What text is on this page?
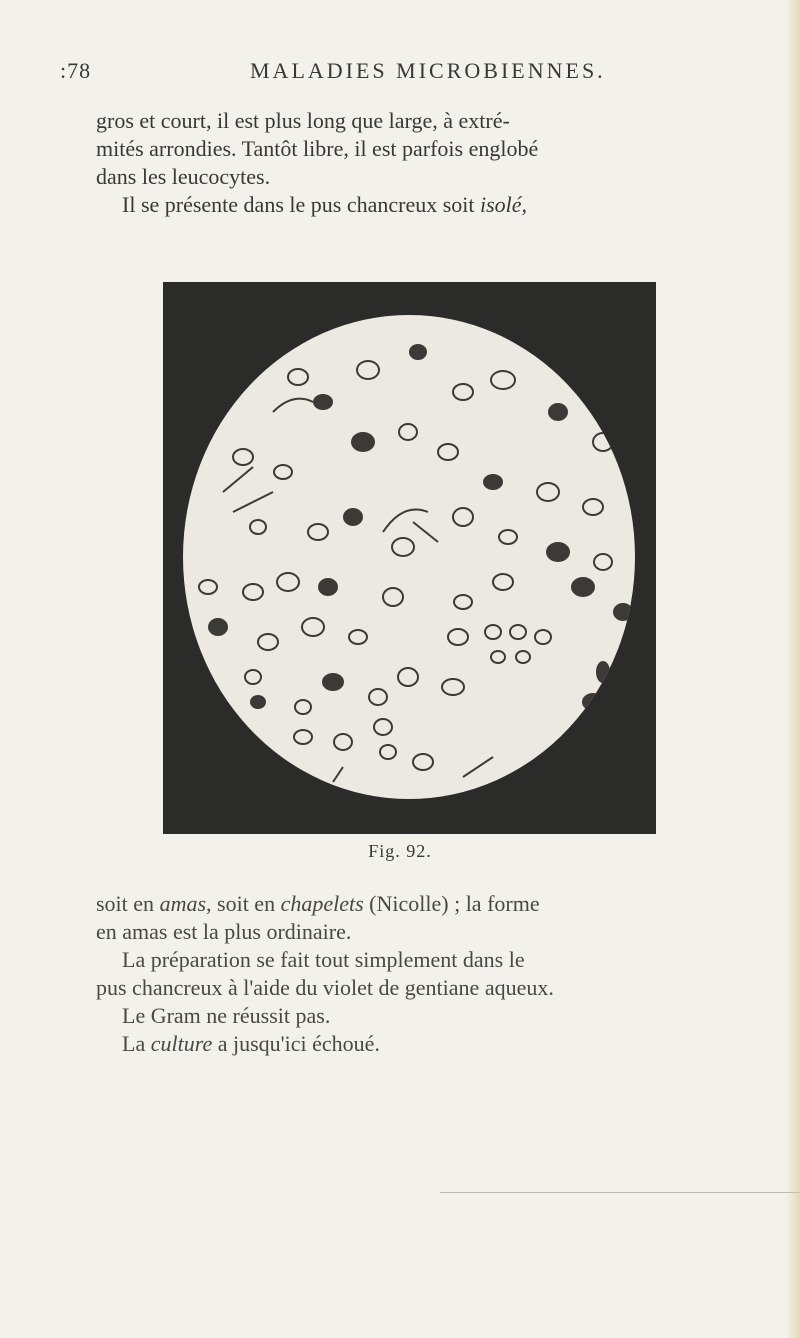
:78	MALADIES MICROBIENNES.

gros et court, il est plus long que large, à extré-
mités arrondies. Tantôt libre, il est parfois englobé
dans les leucocytes.
Il se présente dans le pus chancreux soit isolé,

Fig. 92.

soit en amas, soit en chapelets (Nicolle) ; la forme
en amas est la plus ordinaire.
La préparation se fait tout simplement dans le
pus chancreux à l'aide du violet de gentiane aqueux.
Le Gram ne réussit pas.
La culture a jusqu'ici échoué.
